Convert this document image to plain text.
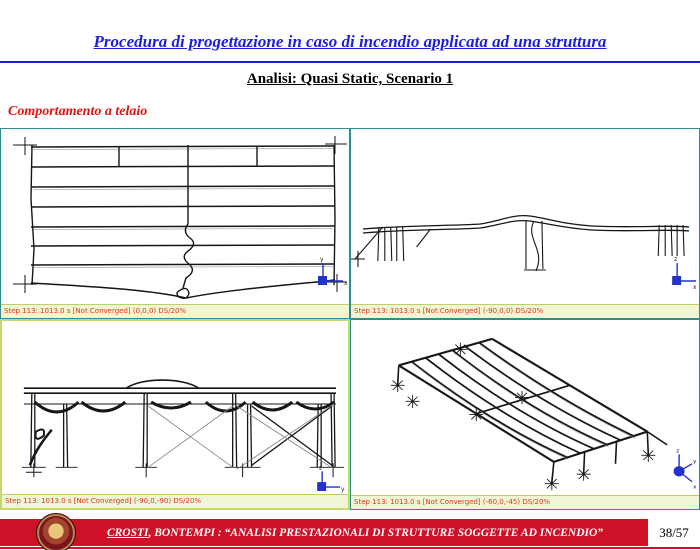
Procedura di progettazione in caso di incendio applicata ad una struttura
Analisi: Quasi Static, Scenario 1
Comportamento a telaio
y
x
Step 113: 1013.0 s [Not Converged] (0,0,0) DS/20%
z
x
Step 113: 1013.0 s [Not Converged] (-90,0,0) DS/20%
z
y
Step 113: 1013.0 s [Not Converged] (-90,0,-90) DS/20%
z
y
x
Step 113: 1013.0 s [Not Converged] (-60,0,-45) DS/20%
CROSTI, BONTEMPI : “ANALISI PRESTAZIONALI DI STRUTTURE SOGGETTE AD INCENDIO”	38/57
